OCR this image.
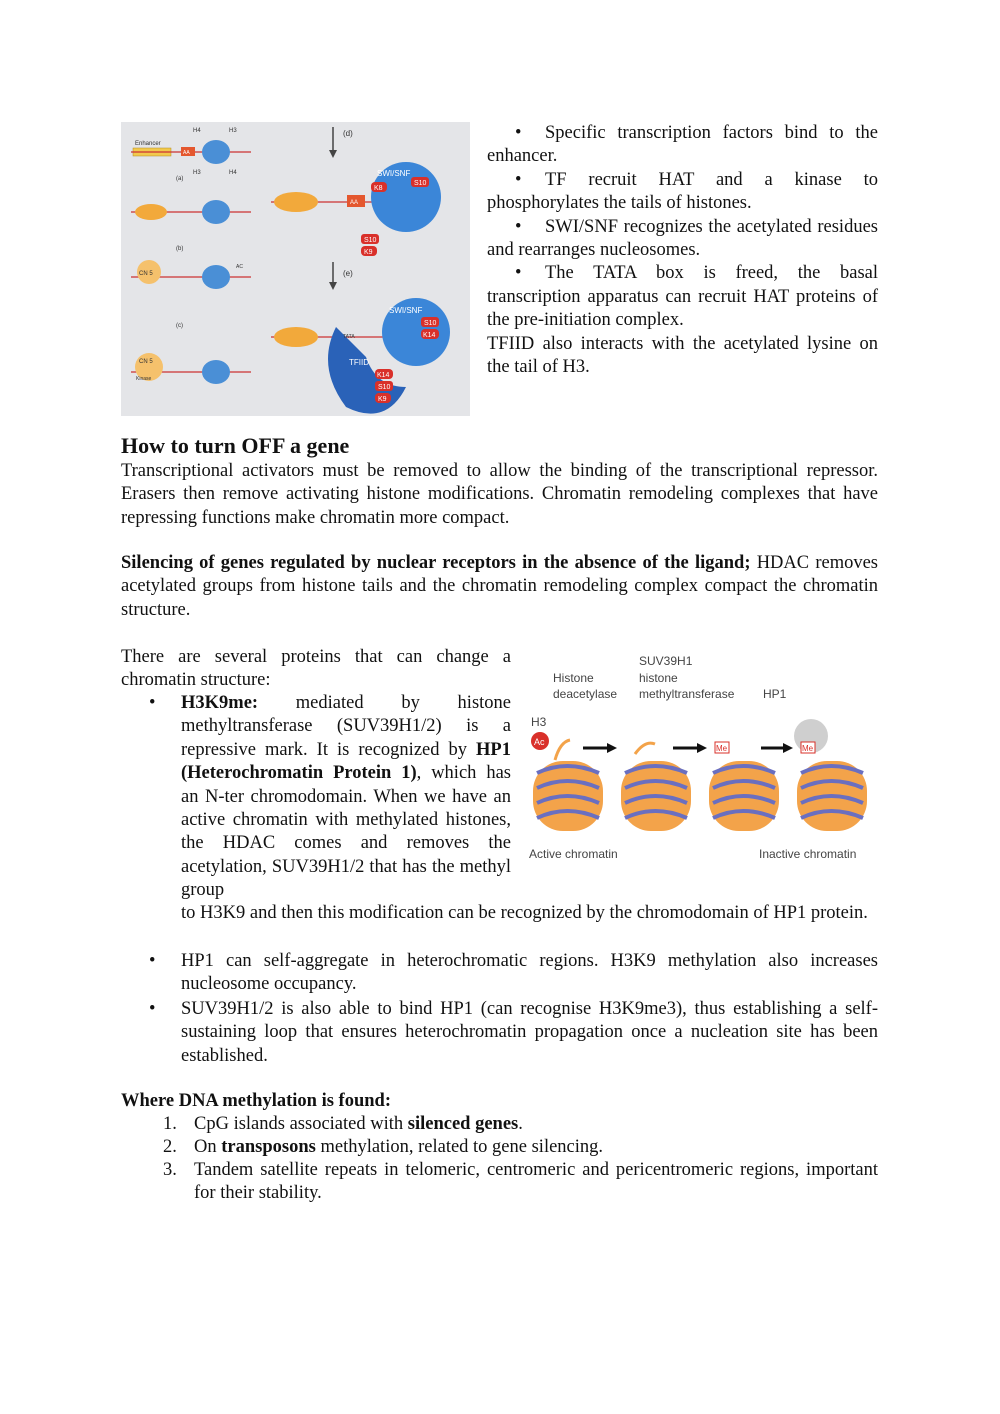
(d)
(e)
H4	H3
Enhancer
AA
(a)
H3	H4
(b)
CN 5
AC
(c)
CN 5
Kinase
AA
SWI/SNF
S10
K8
S10
K9
TFIID
TATA
SWI/SNF
S10
K14
K14
S10
K9

• Specific transcription factors bind to the enhancer.

• TF recruit HAT and a kinase to phosphorylates the tails of histones.

• SWI/SNF recognizes the acetylated residues and rearranges nucleosomes.

• The TATA box is freed, the basal transcription apparatus can recruit HAT proteins of the pre-initiation complex.

TFIID also interacts with the acetylated lysine on the tail of H3.

How to turn OFF a gene

Transcriptional activators must be removed to allow the binding of the transcriptional repressor. Erasers then remove activating histone modifications. Chromatin remodeling complexes that have repressing functions make chromatin more compact.

Silencing of genes regulated by nuclear receptors in the absence of the ligand; HDAC removes acetylated groups from histone tails and the chromatin remodeling complex compact the chromatin structure.

There are several proteins that can change a chromatin structure:

• H3K9me: mediated by histone methyltransferase (SUV39H1/2) is a repressive mark. It is recognized by HP1 (Heterochromatin Protein 1), which has an N-ter chromodomain. When we have an active chromatin with methylated histones, the HDAC comes and removes the acetylation, SUV39H1/2 that has the methyl group

to H3K9 and then this modification can be recognized by the chromodomain of HP1 protein.

SUV39H1
Histone	histone
deacetylase methyltransferase HP1
H3
Active chromatin	Inactive chromatin
Ac
Me	Me
• HP1 can self-aggregate in heterochromatic regions. H3K9 methylation also increases nucleosome occupancy.

• SUV39H1/2 is also able to bind HP1 (can recognise H3K9me3), thus establishing a self-sustaining loop that ensures heterochromatin propagation once a nucleation site has been established.

Where DNA methylation is found:

1. CpG islands associated with silenced genes.

2. On transposons methylation, related to gene silencing.

3. Tandem satellite repeats in telomeric, centromeric and pericentromeric regions, important for their stability.
